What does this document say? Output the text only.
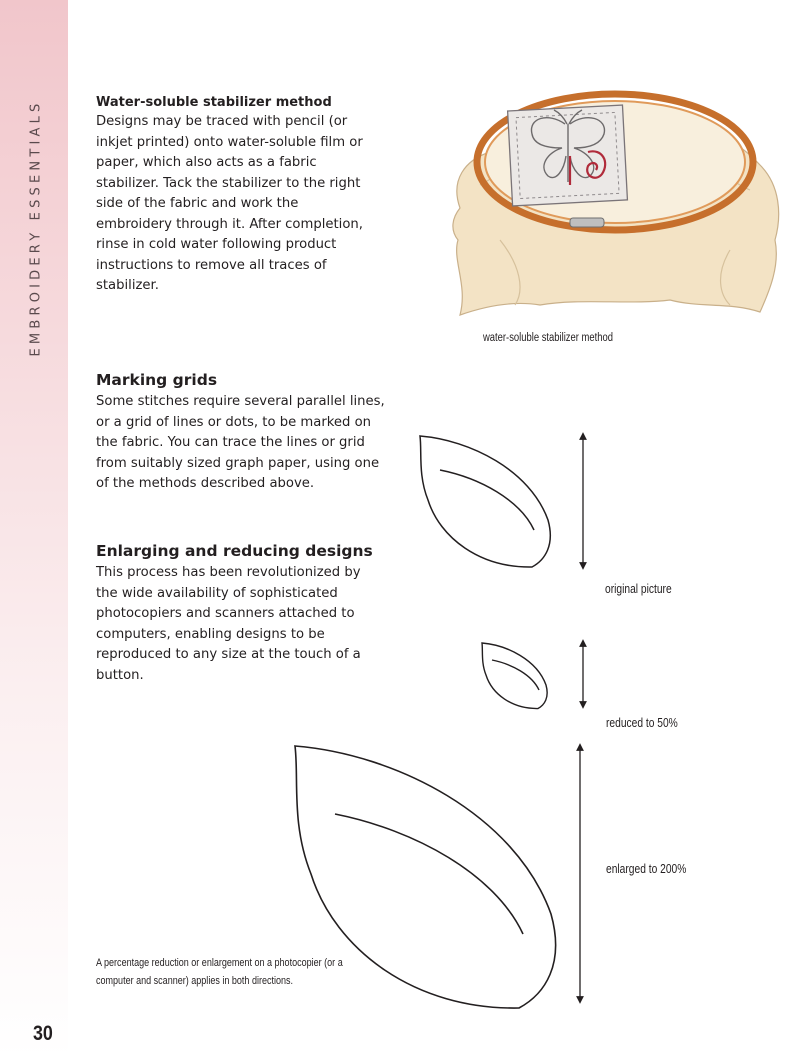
EMBROIDERY ESSENTIALS
30

Water-soluble stabilizer method

Designs may be traced with pencil (or inkjet printed) onto water-soluble film or paper, which also acts as a fabric stabilizer. Tack the stabilizer to the right side of the fabric and work the embroidery through it. After completion, rinse in cold water following product instructions to remove all traces of stabilizer.

water-soluble stabilizer method

Marking grids

Some stitches require several parallel lines, or a grid of lines or dots, to be marked on the fabric. You can trace the lines or grid from suitably sized graph paper, using one of the methods described above.

Enlarging and reducing designs

This process has been revolutionized by the wide availability of sophisticated photocopiers and scanners attached to computers, enabling designs to be reproduced to any size at the touch of a button.

original picture
reduced to 50%
enlarged to 200%
A percentage reduction or enlargement on a photocopier (or a computer and scanner) applies in both directions.
